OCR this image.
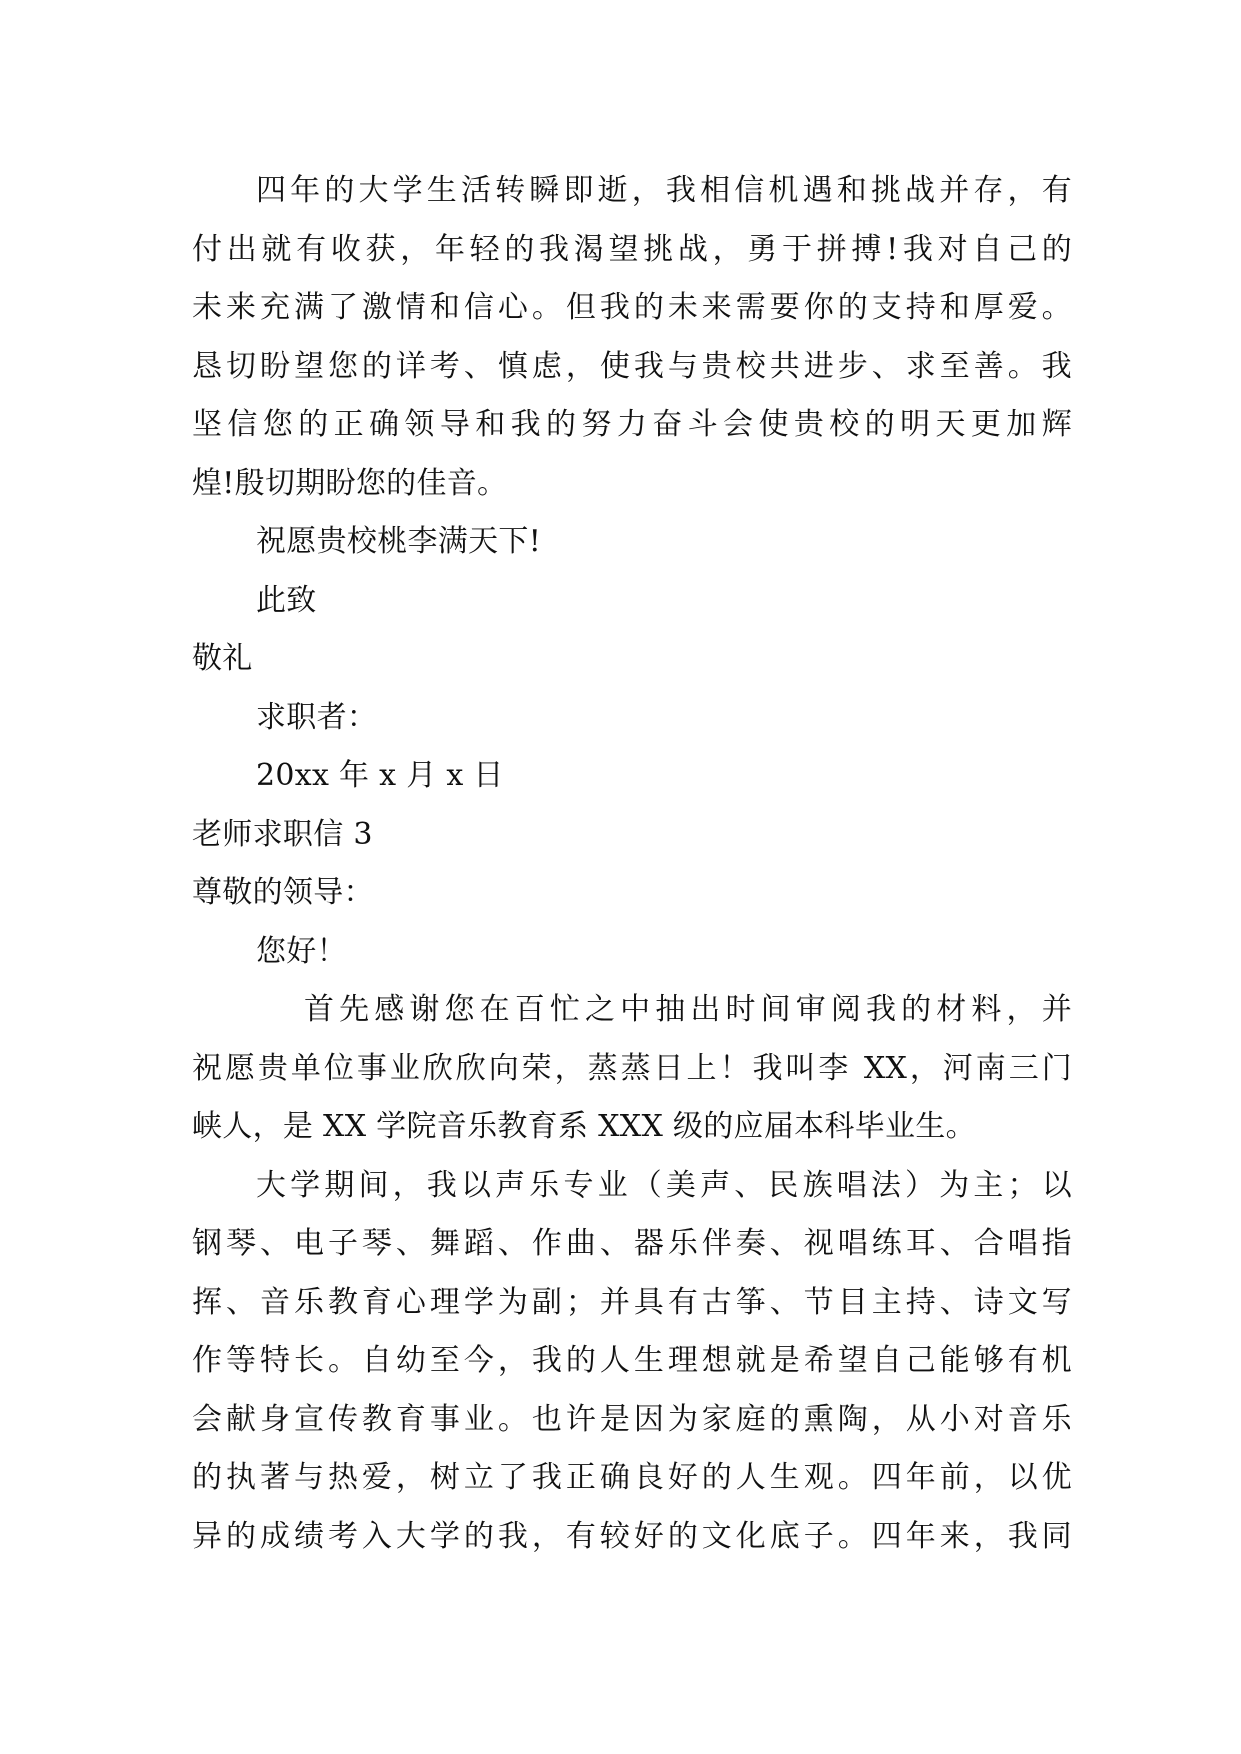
四年的大学生活转瞬即逝，我相信机遇和挑战并存，有
付出就有收获，年轻的我渴望挑战，勇于拼搏!我对自己的
未来充满了激情和信心。但我的未来需要你的支持和厚爱。
恳切盼望您的详考、慎虑，使我与贵校共进步、求至善。我
坚信您的正确领导和我的努力奋斗会使贵校的明天更加辉
煌!殷切期盼您的佳音。
祝愿贵校桃李满天下!
此致
敬礼
求职者：
20xx 年 x 月 x 日
老师求职信 3
尊敬的领导：
您好！
首先感谢您在百忙之中抽出时间审阅我的材料，并
祝愿贵单位事业欣欣向荣，蒸蒸日上！我叫李 XX，河南三门
峡人，是 XX 学院音乐教育系 XXX 级的应届本科毕业生。
大学期间，我以声乐专业（美声、民族唱法）为主；以
钢琴、电子琴、舞蹈、作曲、器乐伴奏、视唱练耳、合唱指
挥、音乐教育心理学为副；并具有古筝、节目主持、诗文写
作等特长。自幼至今，我的人生理想就是希望自己能够有机
会献身宣传教育事业。也许是因为家庭的熏陶，从小对音乐
的执著与热爱，树立了我正确良好的人生观。四年前，以优
异的成绩考入大学的我，有较好的文化底子。四年来，我同
